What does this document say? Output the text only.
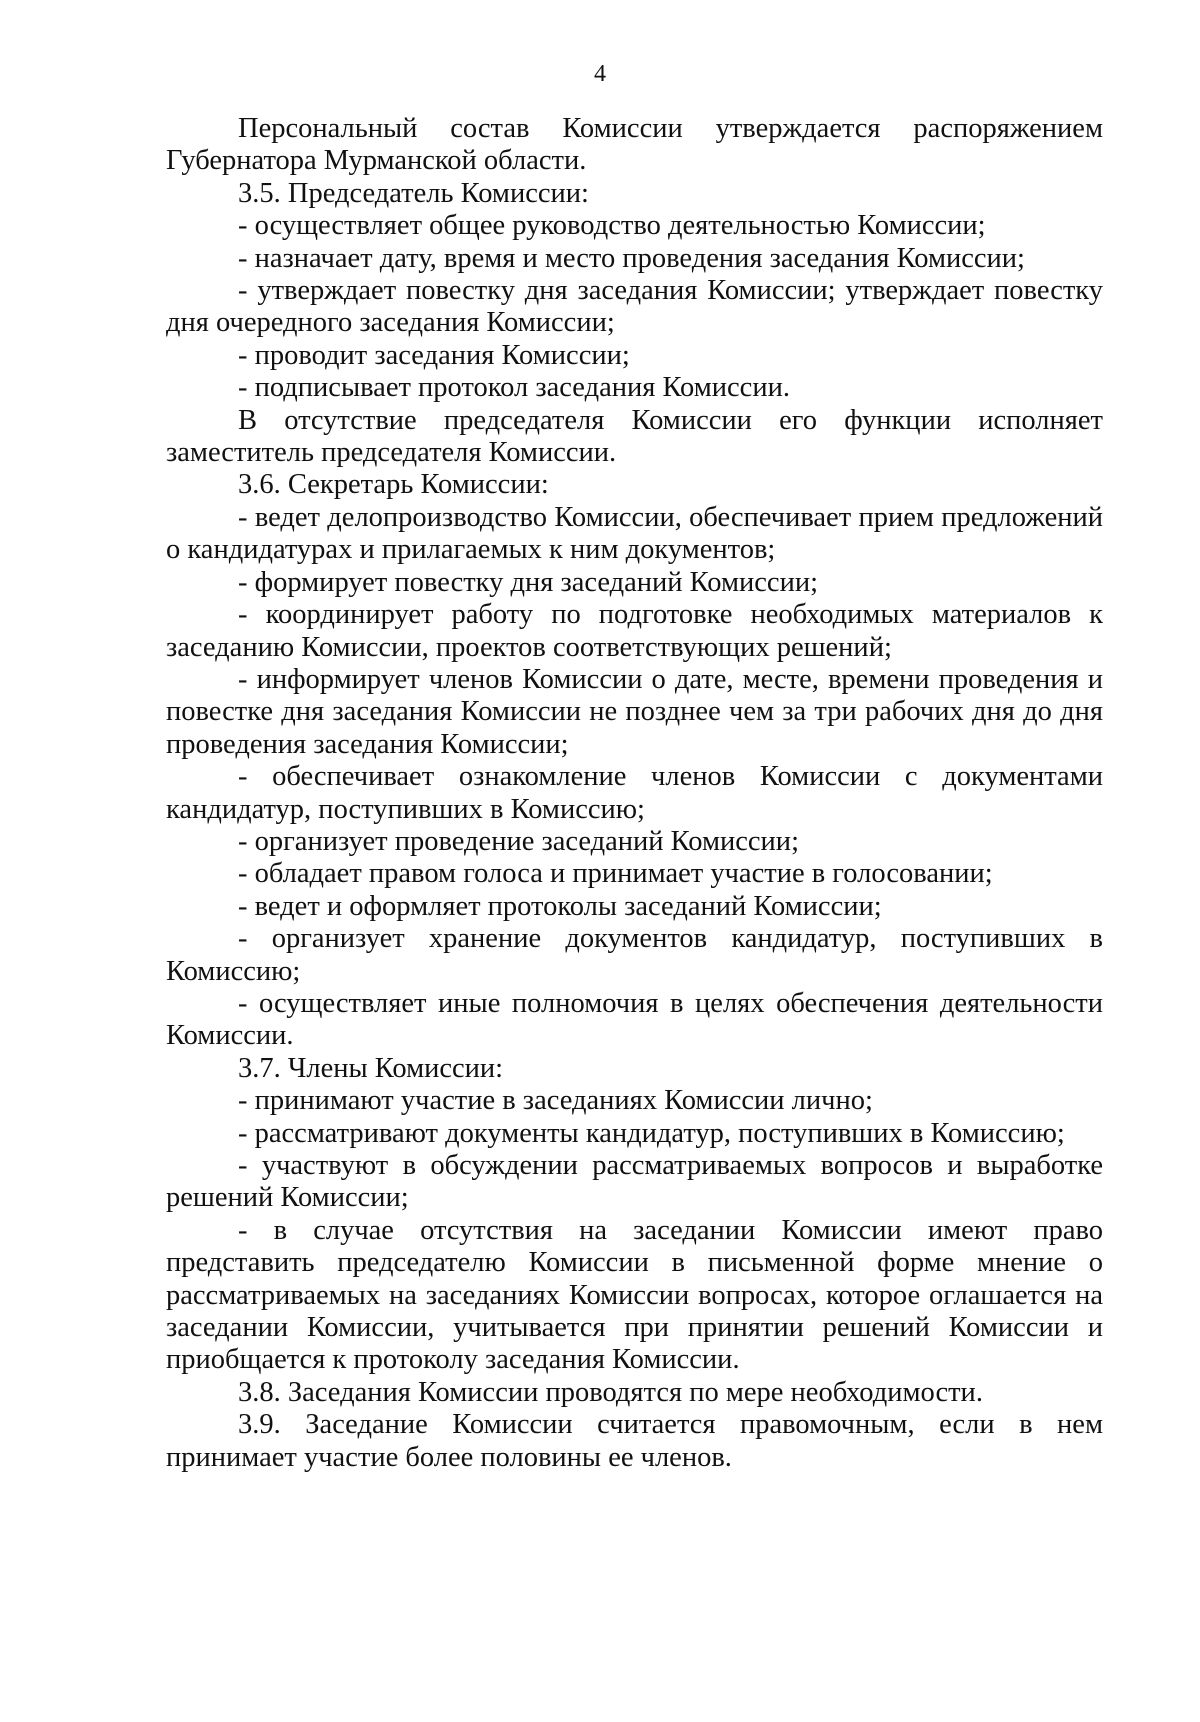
4

Персональный состав Комиссии утверждается распоряжением Губернатора Мурманской области.

3.5. Председатель Комиссии:

- осуществляет общее руководство деятельностью Комиссии;

- назначает дату, время и место проведения заседания Комиссии;

- утверждает повестку дня заседания Комиссии; утверждает повестку дня очередного заседания Комиссии;

- проводит заседания Комиссии;

- подписывает протокол заседания Комиссии.

В отсутствие председателя Комиссии его функции исполняет заместитель председателя Комиссии.

3.6. Секретарь Комиссии:

- ведет делопроизводство Комиссии, обеспечивает прием предложений о кандидатурах и прилагаемых к ним документов;

- формирует повестку дня заседаний Комиссии;

- координирует работу по подготовке необходимых материалов к заседанию Комиссии, проектов соответствующих решений;

- информирует членов Комиссии о дате, месте, времени проведения и повестке дня заседания Комиссии не позднее чем за три рабочих дня до дня проведения заседания Комиссии;

- обеспечивает ознакомление членов Комиссии с документами кандидатур, поступивших в Комиссию;

- организует проведение заседаний Комиссии;

- обладает правом голоса и принимает участие в голосовании;

- ведет и оформляет протоколы заседаний Комиссии;

- организует хранение документов кандидатур, поступивших в Комиссию;

- осуществляет иные полномочия в целях обеспечения деятельности Комиссии.

3.7. Члены Комиссии:

- принимают участие в заседаниях Комиссии лично;

- рассматривают документы кандидатур, поступивших в Комиссию;

- участвуют в обсуждении рассматриваемых вопросов и выработке решений Комиссии;

- в случае отсутствия на заседании Комиссии имеют право представить председателю Комиссии в письменной форме мнение о рассматриваемых на заседаниях Комиссии вопросах, которое оглашается на заседании Комиссии, учитывается при принятии решений Комиссии и приобщается к протоколу заседания Комиссии.

3.8. Заседания Комиссии проводятся по мере необходимости.

3.9. Заседание Комиссии считается правомочным, если в нем принимает участие более половины ее членов.
